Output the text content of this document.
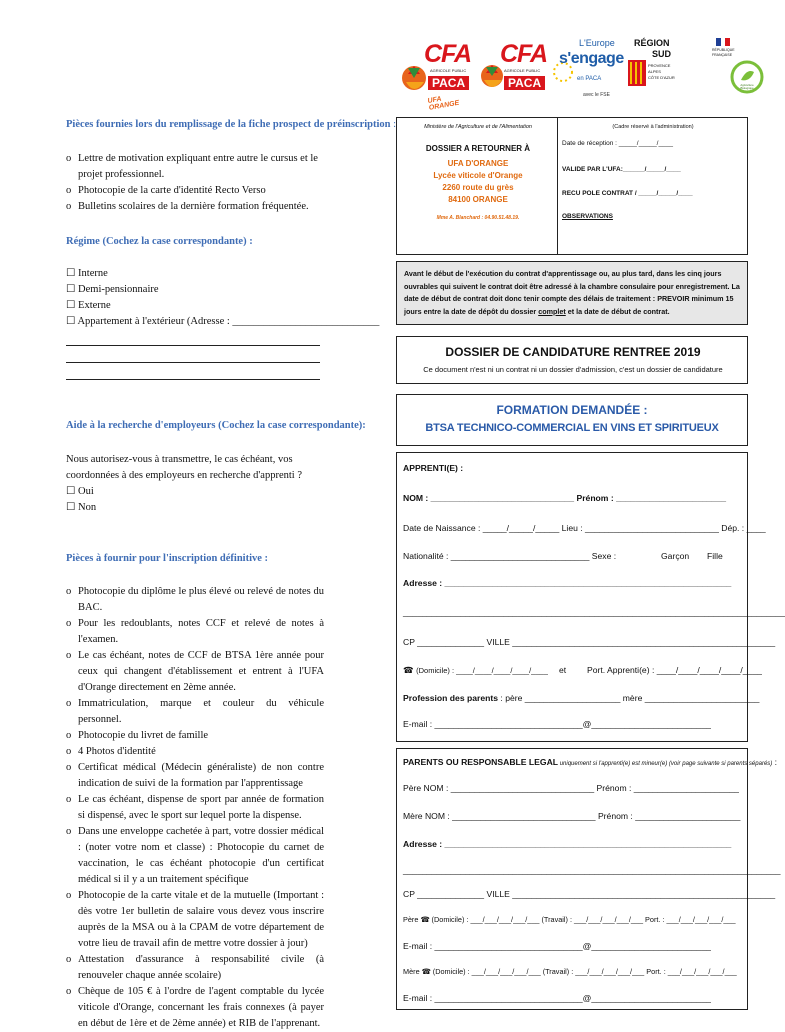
CFA
AGRICOLE PUBLIC
PACA
UFA ORANGE
CFA
AGRICOLE PUBLIC
PACA
L'Europe
s'engage
en PACA
avec le FSE
RÉGION
SUD
PROVENCE
ALPES
CÔTE D'AZUR
RÉPUBLIQUE
FRANÇAISE
Agriculture Biologique
Pièces fournies lors du remplissage de la fiche prospect de préinscription :
o Lettre de motivation expliquant entre autre le cursus et le projet professionnel.
o Photocopie de la carte d'identité Recto Verso
o Bulletins scolaires de la dernière formation fréquentée.
Régime (Cochez la case correspondante) :
☐ Interne
☐ Demi-pensionnaire
☐ Externe
☐ Appartement à l'extérieur (Adresse : ____________________________
Aide à la recherche d'employeurs (Cochez la case correspondante):
Nous autorisez-vous à transmettre, le cas échéant, vos coordonnées à des employeurs en recherche d'apprenti ?
☐ Oui
☐ Non
Pièces à fournir pour l'inscription définitive :
o Photocopie du diplôme le plus élevé ou relevé de notes du BAC.
o Pour les redoublants, notes CCF et relevé de notes à l'examen.
o Le cas échéant, notes de CCF de BTSA 1ère année pour ceux qui changent d'établissement et entrent à l'UFA d'Orange directement en 2ème année.
o Immatriculation, marque et couleur du véhicule personnel.
o Photocopie du livret de famille
o 4 Photos d'identité
o Certificat médical (Médecin généraliste) de non contre indication de suivi de la formation par l'apprentissage
o Le cas échéant, dispense de sport par année de formation si dispensé, avec le sport sur lequel porte la dispense.
o Dans une enveloppe cachetée à part, votre dossier médical : (noter votre nom et classe) : Photocopie du carnet de vaccination, le cas échéant photocopie d'un certificat médical si il y a un traitement spécifique
o Photocopie de la carte vitale et de la mutuelle (Important : dès votre 1er bulletin de salaire vous devez vous inscrire auprès de la MSA ou à la CPAM de votre département de votre lieu de travail afin de mettre votre dossier à jour)
o Attestation d'assurance à responsabilité civile (à renouveler chaque année scolaire)
o Chèque de 105 € à l'ordre de l'agent comptable du lycée viticole d'Orange, concernant les frais connexes (à payer en début de 1ère et de 2ème année) et RIB de l'apprenant.
Ministère de l'Agriculture et de l'Alimentation	(Cadre réservé à l'administration)
DOSSIER A RETOURNER À
UFA D'ORANGE
Lycée viticole d'Orange
2260 route du grès
84100 ORANGE
Mme A. Blanchard : 04.90.51.48.19.
Date de réception : _____/_____/____
VALIDE PAR L'UFA:______/_____/____
RECU POLE CONTRAT / _____/_____/____
OBSERVATIONS
Avant le début de l'exécution du contrat d'apprentissage ou, au plus tard, dans les cinq jours ouvrables qui suivent le contrat doit être adressé à la chambre consulaire pour enregistrement. La date de début de contrat doit donc tenir compte des délais de traitement : PREVOIR minimum 15 jours entre la date de dépôt du dossier complet et la date de début de contrat.
DOSSIER DE CANDIDATURE RENTREE 2019
Ce document n'est ni un contrat ni un dossier d'admission, c'est un dossier de candidature
FORMATION DEMANDÉE :
BTSA TECHNICO-COMMERCIAL EN VINS ET SPIRITUEUX
APPRENTI(E) :
NOM : ______________________________ Prénom : _______________________
Date de Naissance : _____/_____/_____ Lieu : ____________________________ Dép. : ____
Nationalité : _____________________________ Sexe :	Garçon Fille
Adresse : ____________________________________________________________
________________________________________________________________________________
CP ______________ VILLE _______________________________________________________
☎ (Domicile) : ____/____/____/____/____ et Port. Apprenti(e) : ____/____/____/____/____
Profession des parents : père ____________________ mère ________________________
E-mail : _______________________________@_________________________
PARENTS OU RESPONSABLE LEGAL uniquement si l'apprenti(e) est mineur(e) (voir page suivante si parents séparés) :
Père NOM : ______________________________ Prénom : ______________________
Mère NOM : ______________________________ Prénom : ______________________
Adresse : ____________________________________________________________
_______________________________________________________________________________
CP ______________ VILLE _______________________________________________________
Père ☎ (Domicile) : ___/___/___/___/___ (Travail) : ___/___/___/___/___ Port. : ___/___/___/___/___
E-mail : _______________________________@_________________________
Mère ☎ (Domicile) : ___/___/___/___/___ (Travail) : ___/___/___/___/___ Port. : ___/___/___/___/___
E-mail : _______________________________@_________________________
